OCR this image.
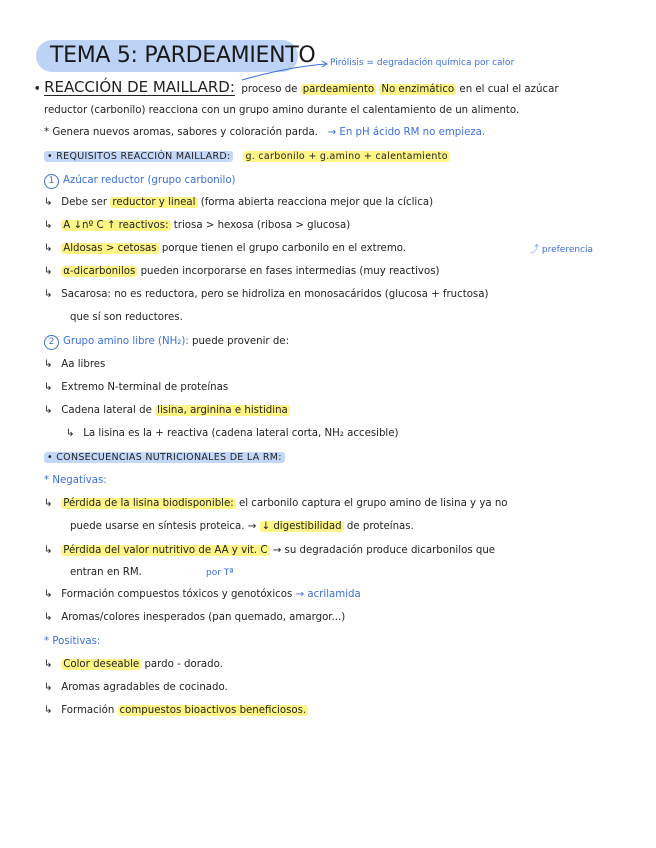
TEMA 5: PARDEAMIENTO Pirólisis = degradación química por calor
• REACCIÓN DE MAILLARD: proceso de pardeamiento No enzimático en el cual el azúcar
reductor (carbonilo) reacciona con un grupo amino durante el calentamiento de un alimento.
* Genera nuevos aromas, sabores y coloración parda. → En pH ácido RM no empieza.
• REQUISITOS REACCIÓN MAILLARD: g. carbonilo + g.amino + calentamiento
1 Azúcar reductor (grupo carbonilo)
↳ Debe ser reductor y lineal (forma abierta reacciona mejor que la cíclica)
↳ A ↓nº C ↑ reactivos: triosa > hexosa (ribosa > glucosa)
↳ Aldosas > cetosas porque tienen el grupo carbonilo en el extremo.	⤴ preferencia
↳ α-dicarbonilos pueden incorporarse en fases intermedias (muy reactivos)
↳ Sacarosa: no es reductora, pero se hidroliza en monosacáridos (glucosa + fructosa)
que sí son reductores.
2 Grupo amino libre (NH₂): puede provenir de:
↳ Aa libres
↳ Extremo N-terminal de proteínas
↳ Cadena lateral de lisina, arginina e histidina
↳ La lisina es la + reactiva (cadena lateral corta, NH₂ accesible)
• CONSECUENCIAS NUTRICIONALES DE LA RM:
* Negativas:
↳ Pérdida de la lisina biodisponible: el carbonilo captura el grupo amino de lisina y ya no
puede usarse en síntesis proteica. → ↓ digestibilidad de proteínas.
↳ Pérdida del valor nutritivo de AA y vit. C → su degradación produce dicarbonilos que
entran en RM.	por Tª
↳ Formación compuestos tóxicos y genotóxicos → acrilamida
↳ Aromas/colores inesperados (pan quemado, amargor...)
* Positivas:
↳ Color deseable pardo - dorado.
↳ Aromas agradables de cocinado.
↳ Formación compuestos bioactivos beneficiosos.
